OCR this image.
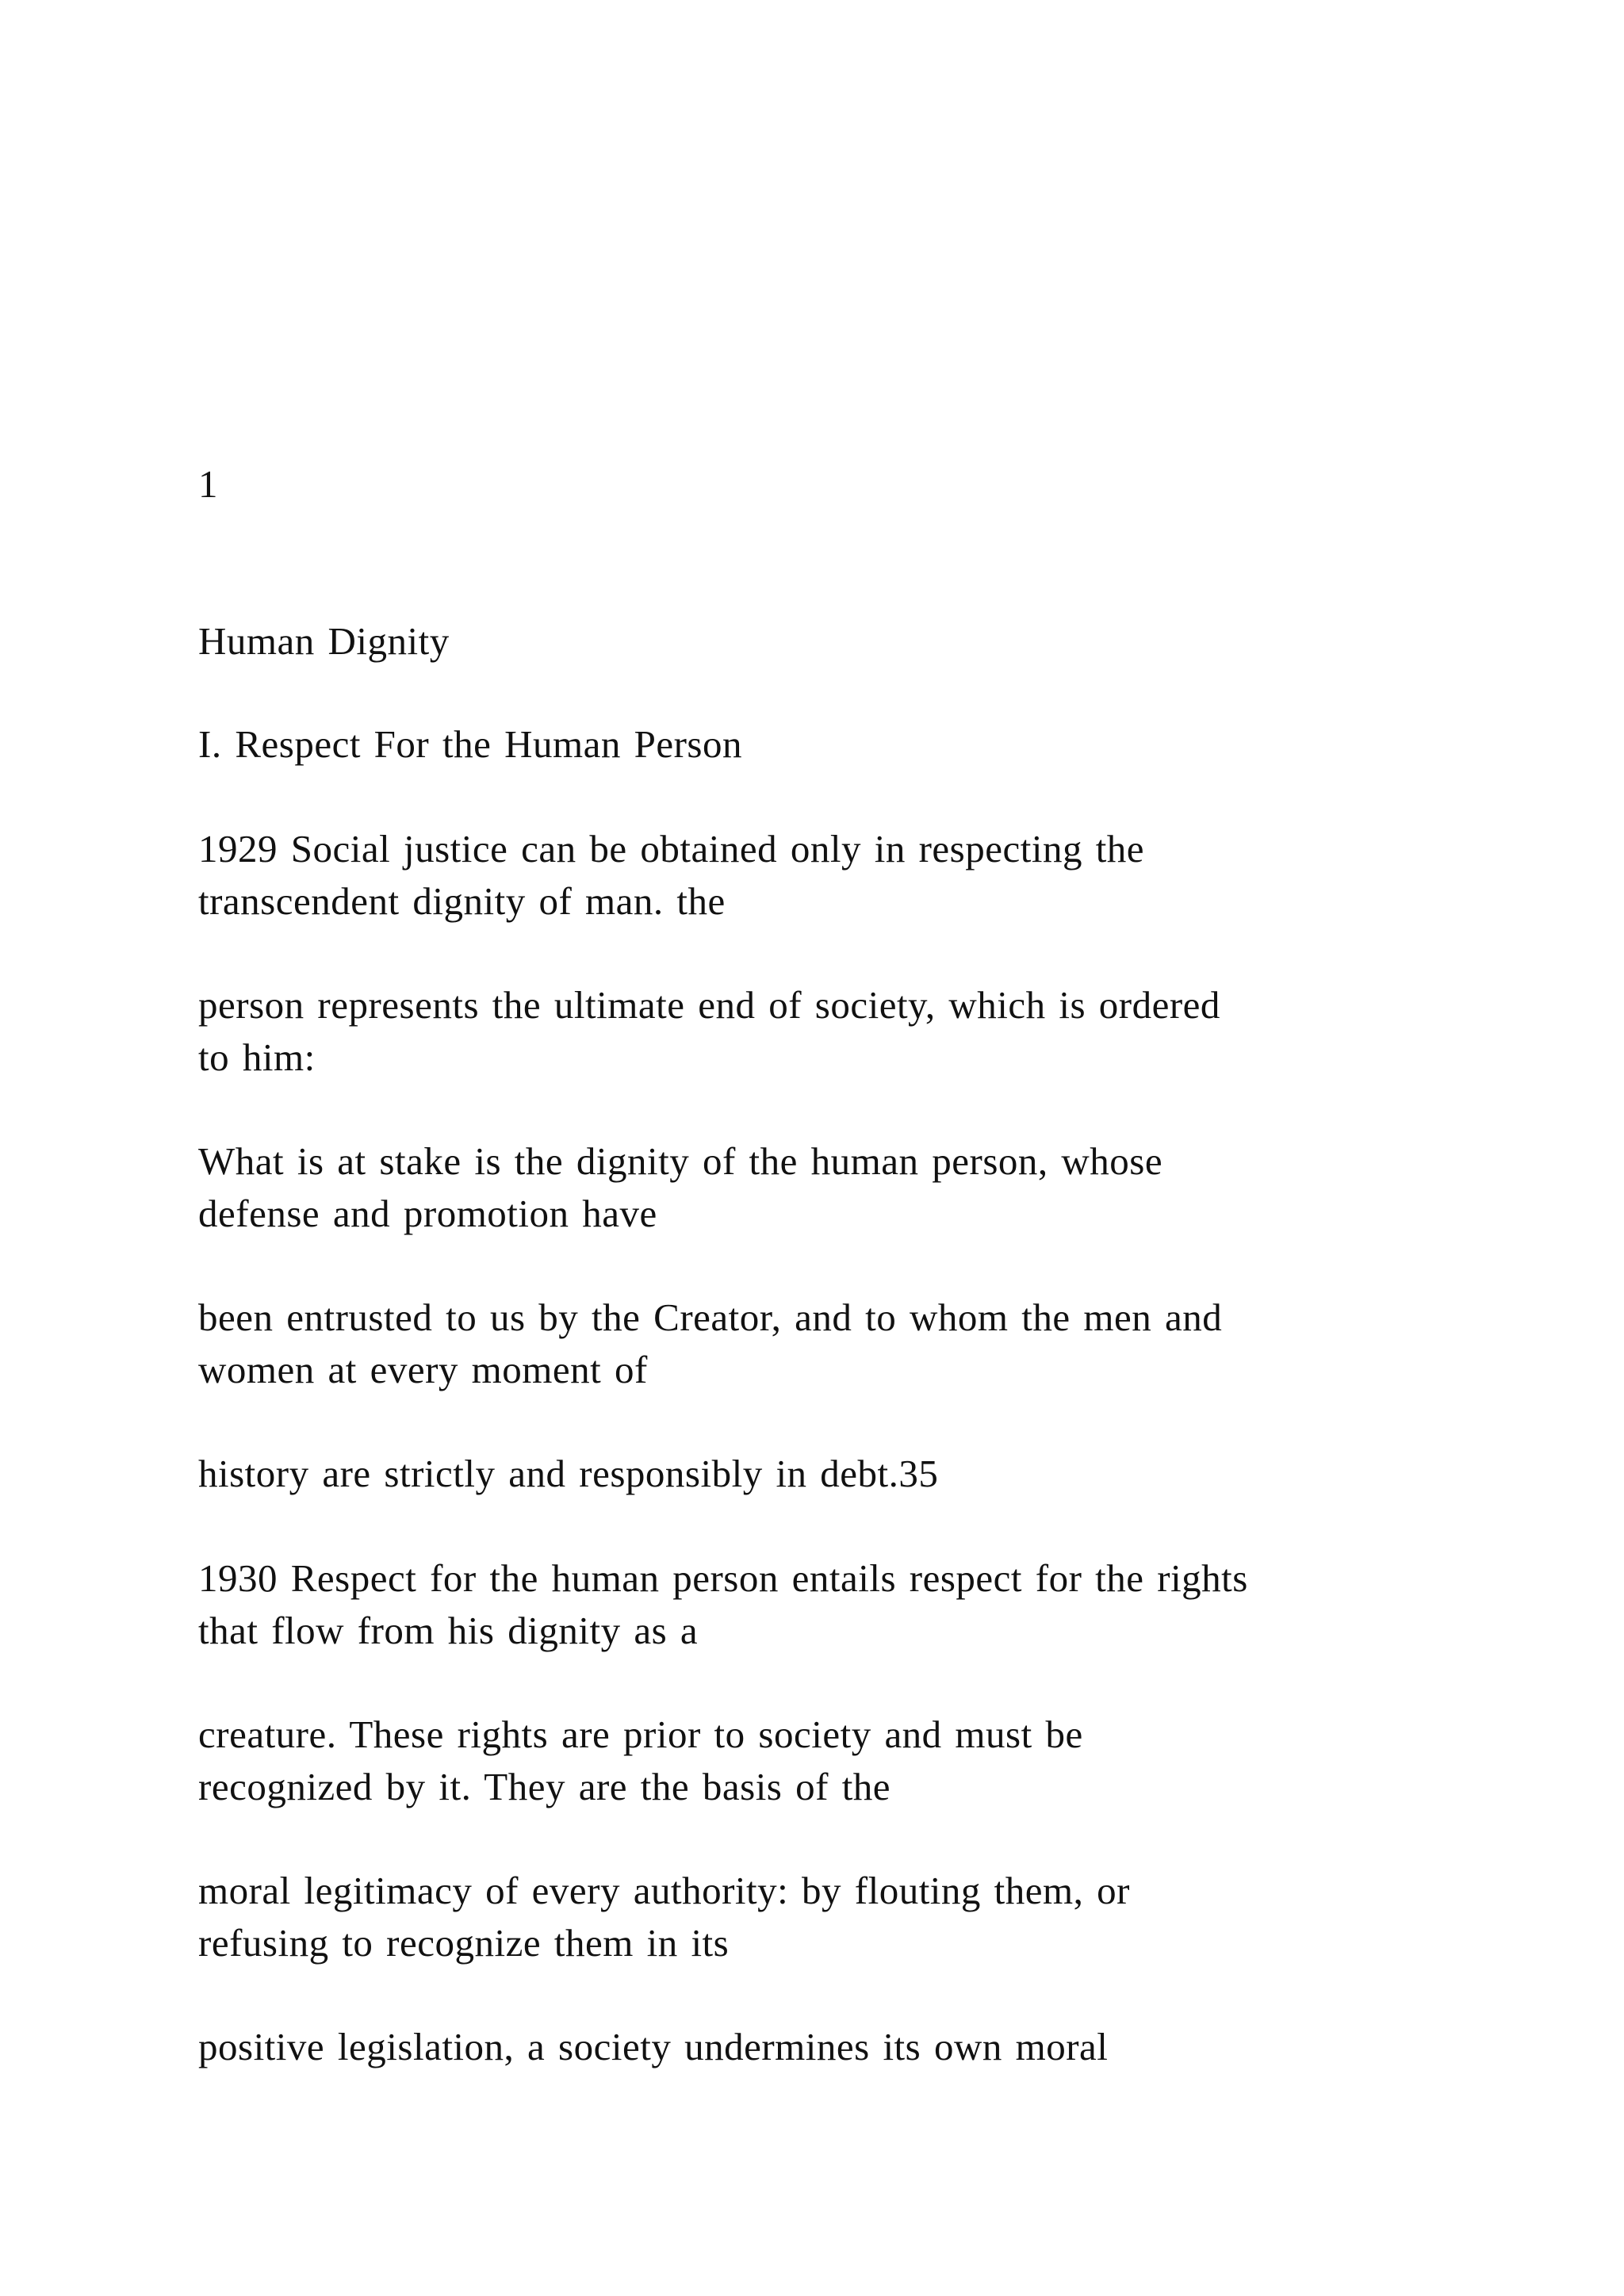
1

Human Dignity

I. Respect For the Human Person

1929 Social justice can be obtained only in respecting the

transcendent dignity of man. the

person represents the ultimate end of society, which is ordered

to him:

What is at stake is the dignity of the human person, whose

defense and promotion have

been entrusted to us by the Creator, and to whom the men and

women at every moment of

history are strictly and responsibly in debt.35

1930 Respect for the human person entails respect for the rights

that flow from his dignity as a

creature. These rights are prior to society and must be

recognized by it. They are the basis of the

moral legitimacy of every authority: by flouting them, or

refusing to recognize them in its

positive legislation, a society undermines its own moral
